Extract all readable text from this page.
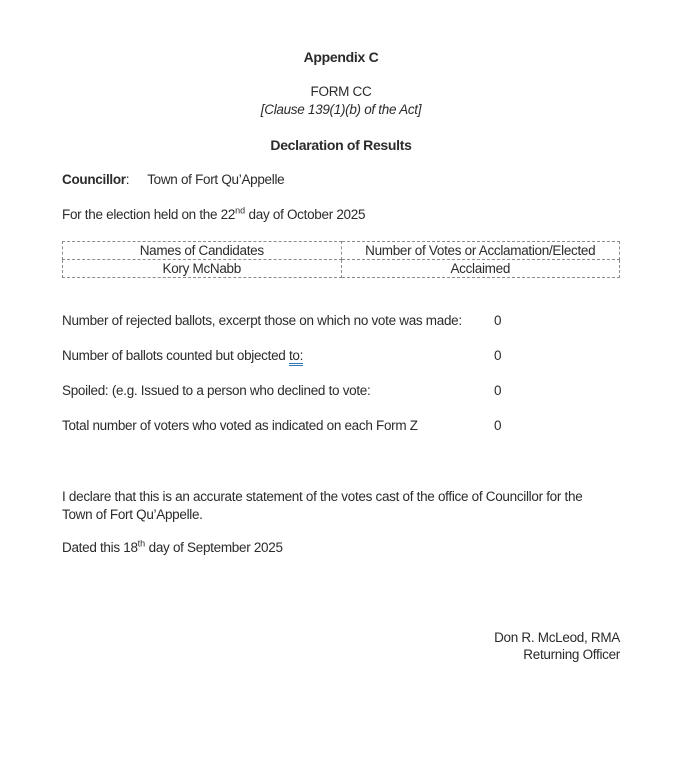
Appendix C
FORM CC
[Clause 139(1)(b) of the Act]
Declaration of Results
Councillor: Town of Fort Qu’Appelle
For the election held on the 22nd day of October 2025
Names of Candidates	Number of Votes or Acclamation/Elected
Kory McNabb	Acclaimed
Number of rejected ballots, excerpt those on which no vote was made: 0
Number of ballots counted but objected to:	0
Spoiled: (e.g. Issued to a person who declined to vote:	0
Total number of voters who voted as indicated on each Form Z	0
I declare that this is an accurate statement of the votes cast of the office of Councillor for the
Town of Fort Qu’Appelle.
Dated this 18th day of September 2025
Don R. McLeod, RMA
Returning Officer
